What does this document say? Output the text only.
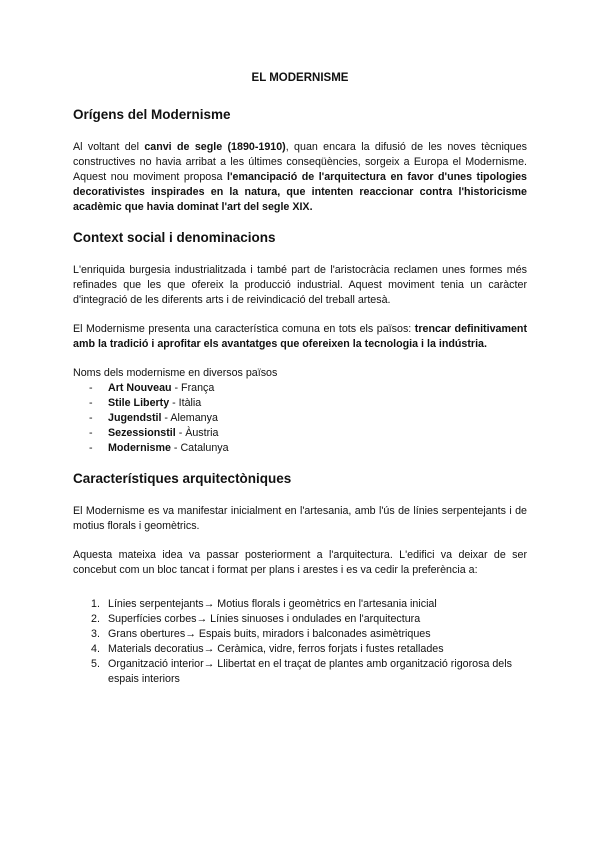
EL MODERNISME
Orígens del Modernisme

Al voltant del canvi de segle (1890-1910), quan encara la difusió de les noves tècniques constructives no havia arribat a les últimes conseqüències, sorgeix a Europa el Modernisme. Aquest nou moviment proposa l'emancipació de l'arquitectura en favor d'unes tipologies decorativistes inspirades en la natura, que intenten reaccionar contra l'historicisme acadèmic que havia dominat l'art del segle XIX.

Context social i denominacions

L'enriquida burgesia industrialitzada i també part de l'aristocràcia reclamen unes formes més refinades que les que ofereix la producció industrial. Aquest moviment tenia un caràcter d'integració de les diferents arts i de reivindicació del treball artesà.

El Modernisme presenta una característica comuna en tots els països: trencar definitivament amb la tradició i aprofitar els avantatges que ofereixen la tecnologia i la indústria.

Noms dels modernisme en diversos països
- Art Nouveau - França
- Stile Liberty - Itàlia
- Jugendstil - Alemanya
- Sezessionstil - Àustria
- Modernisme - Catalunya
Característiques arquitectòniques

El Modernisme es va manifestar inicialment en l'artesania, amb l'ús de línies serpentejants i de motius florals i geomètrics.

Aquesta mateixa idea va passar posteriorment a l'arquitectura. L'edifici va deixar de ser concebut com un bloc tancat i format per plans i arestes i es va cedir la preferència a:

1. Línies serpentejants→ Motius florals i geomètrics en l'artesania inicial
2. Superfícies corbes→ Línies sinuoses i ondulades en l'arquitectura
3. Grans obertures→ Espais buits, miradors i balconades asimètriques
4. Materials decoratius→ Ceràmica, vidre, ferros forjats i fustes retallades
5. Organització interior→ Llibertat en el traçat de plantes amb organització rigorosa dels espais interiors
